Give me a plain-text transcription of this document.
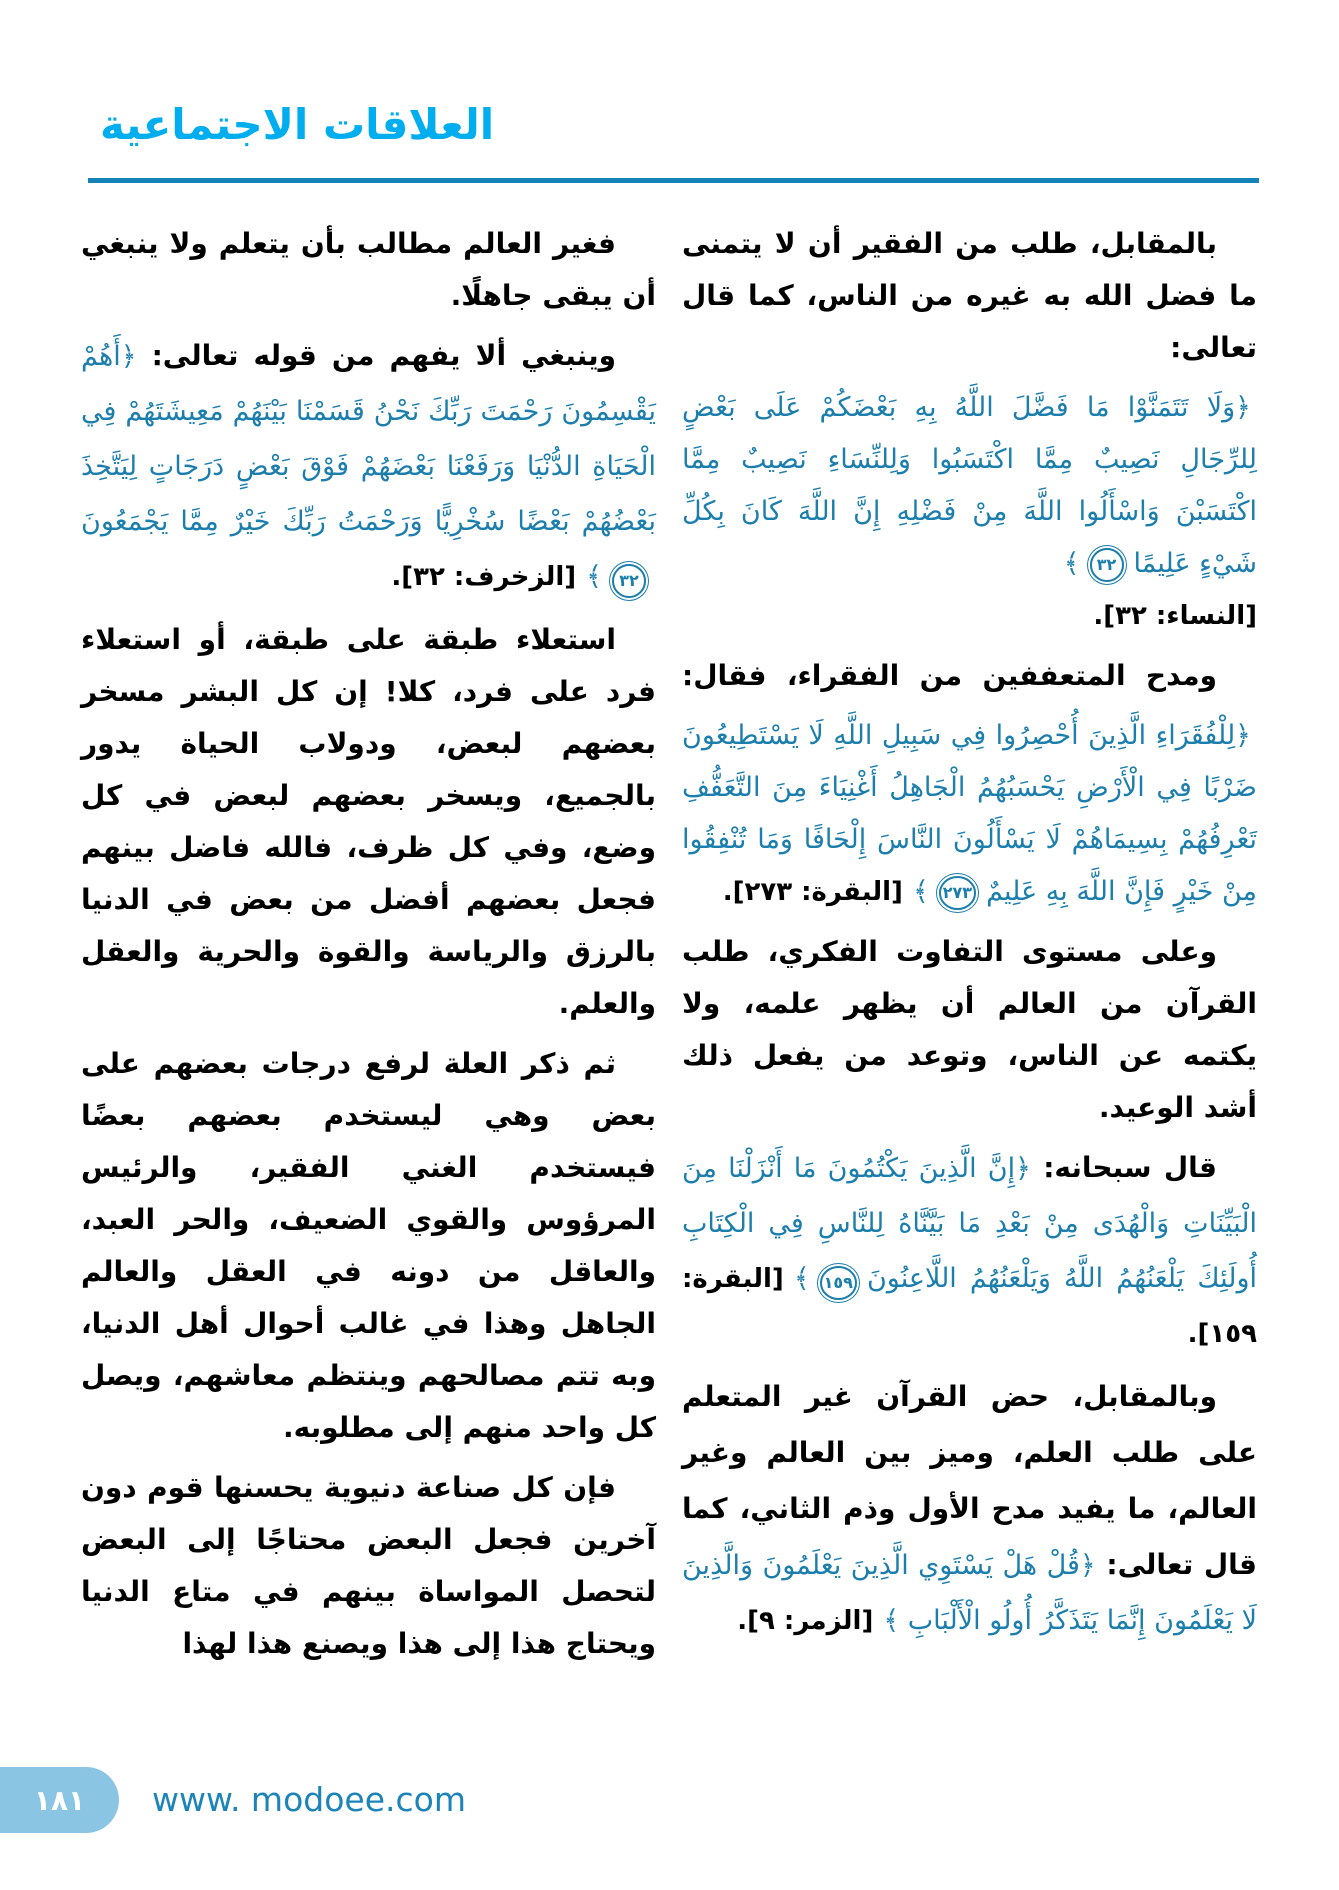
العلاقات الاجتماعية

بالمقابل، طلب من الفقير أن لا يتمنى ما فضل الله به غيره من الناس، كما قال تعالى:

﴿وَلَا تَتَمَنَّوْا مَا فَضَّلَ اللَّهُ بِهِ بَعْضَكُمْ عَلَى بَعْضٍ لِلرِّجَالِ نَصِيبٌ مِمَّا اكْتَسَبُوا وَلِلنِّسَاءِ نَصِيبٌ مِمَّا اكْتَسَبْنَ وَاسْأَلُوا اللَّهَ مِنْ فَضْلِهِ إِنَّ اللَّهَ كَانَ بِكُلِّ شَيْءٍ عَلِيمًا٣٢﴾
[النساء: ٣٢].

ومدح المتعففين من الفقراء، فقال:

﴿لِلْفُقَرَاءِ الَّذِينَ أُحْصِرُوا فِي سَبِيلِ اللَّهِ لَا يَسْتَطِيعُونَ ضَرْبًا فِي الْأَرْضِ يَحْسَبُهُمُ الْجَاهِلُ أَغْنِيَاءَ مِنَ التَّعَفُّفِ تَعْرِفُهُمْ بِسِيمَاهُمْ لَا يَسْأَلُونَ النَّاسَ إِلْحَافًا وَمَا تُنْفِقُوا مِنْ خَيْرٍ فَإِنَّ اللَّهَ بِهِ عَلِيمٌ٢٧٣﴾[البقرة: ٢٧٣].

وعلى مستوى التفاوت الفكري، طلب القرآن من العالم أن يظهر علمه، ولا يكتمه عن الناس، وتوعد من يفعل ذلك أشد الوعيد.

قال سبحانه: ﴿إِنَّ الَّذِينَ يَكْتُمُونَ مَا أَنْزَلْنَا مِنَ الْبَيِّنَاتِ وَالْهُدَى مِنْ بَعْدِ مَا بَيَّنَّاهُ لِلنَّاسِ فِي الْكِتَابِ أُولَئِكَ يَلْعَنُهُمُ اللَّهُ وَيَلْعَنُهُمُ اللَّاعِنُونَ١٥٩﴾[البقرة: ١٥٩].

وبالمقابل، حض القرآن غير المتعلم على طلب العلم، وميز بين العالم وغير العالم، ما يفيد مدح الأول وذم الثاني، كما قال تعالى: ﴿قُلْ هَلْ يَسْتَوِي الَّذِينَ يَعْلَمُونَ وَالَّذِينَ لَا يَعْلَمُونَ إِنَّمَا يَتَذَكَّرُ أُولُو الْأَلْبَابِ ﴾[الزمر: ٩].

فغير العالم مطالب بأن يتعلم ولا ينبغي أن يبقى جاهلًا.

وينبغي ألا يفهم من قوله تعالى: ﴿أَهُمْ يَقْسِمُونَ رَحْمَتَ رَبِّكَ نَحْنُ قَسَمْنَا بَيْنَهُمْ مَعِيشَتَهُمْ فِي الْحَيَاةِ الدُّنْيَا وَرَفَعْنَا بَعْضَهُمْ فَوْقَ بَعْضٍ دَرَجَاتٍ لِيَتَّخِذَ بَعْضُهُمْ بَعْضًا سُخْرِيًّا وَرَحْمَتُ رَبِّكَ خَيْرٌ مِمَّا يَجْمَعُونَ٣٢﴾[الزخرف: ٣٢].

استعلاء طبقة على طبقة، أو استعلاء فرد على فرد، كلا! إن كل البشر مسخر بعضهم لبعض، ودولاب الحياة يدور بالجميع، ويسخر بعضهم لبعض في كل وضع، وفي كل ظرف، فالله فاضل بينهم فجعل بعضهم أفضل من بعض في الدنيا بالرزق والرياسة والقوة والحرية والعقل والعلم.

ثم ذكر العلة لرفع درجات بعضهم على بعض وهي ليستخدم بعضهم بعضًا فيستخدم الغني الفقير، والرئيس المرؤوس والقوي الضعيف، والحر العبد، والعاقل من دونه في العقل والعالم الجاهل وهذا في غالب أحوال أهل الدنيا، وبه تتم مصالحهم وينتظم معاشهم، ويصل كل واحد منهم إلى مطلوبه.

فإن كل صناعة دنيوية يحسنها قوم دون آخرين فجعل البعض محتاجًا إلى البعض لتحصل المواساة بينهم في متاع الدنيا ويحتاج هذا إلى هذا ويصنع هذا لهذا

١٨١ www. modoee.com
